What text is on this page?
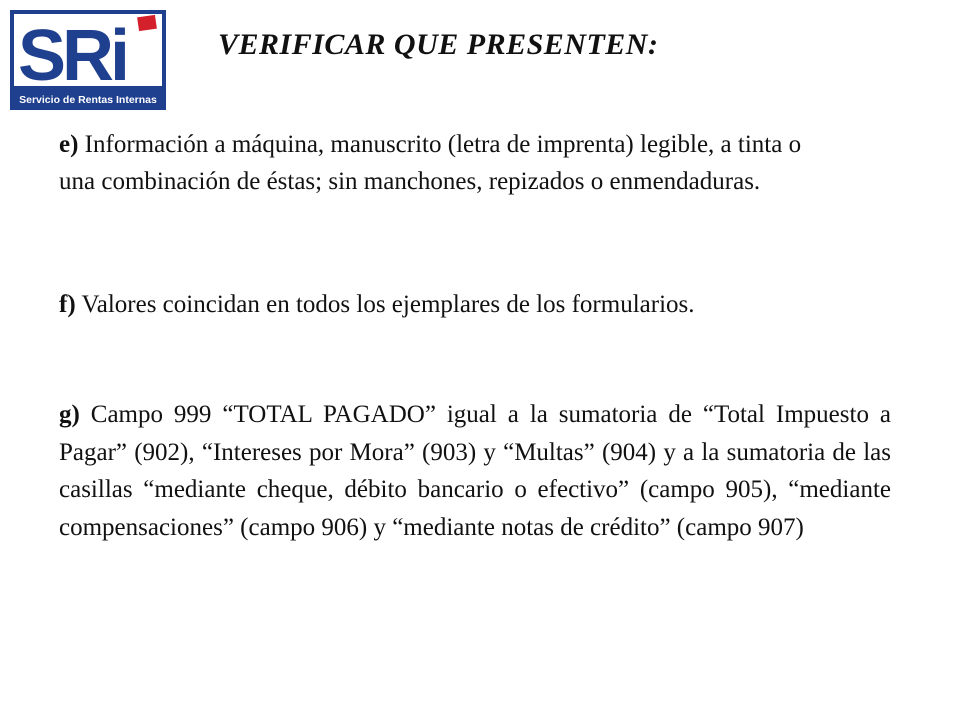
SRi
Servicio de Rentas Internas
VERIFICAR QUE PRESENTEN:

e) Información a máquina, manuscrito (letra de imprenta) legible, a tinta o una combinación de éstas; sin manchones, repizados o enmendaduras.

f) Valores coincidan en todos los ejemplares de los formularios.

g) Campo 999 “TOTAL PAGADO” igual a la sumatoria de “Total Impuesto a Pagar” (902), “Intereses por Mora” (903) y “Multas” (904) y a la sumatoria de las casillas “mediante cheque, débito bancario o efectivo” (campo 905), “mediante compensaciones” (campo 906) y “mediante notas de crédito” (campo 907)
